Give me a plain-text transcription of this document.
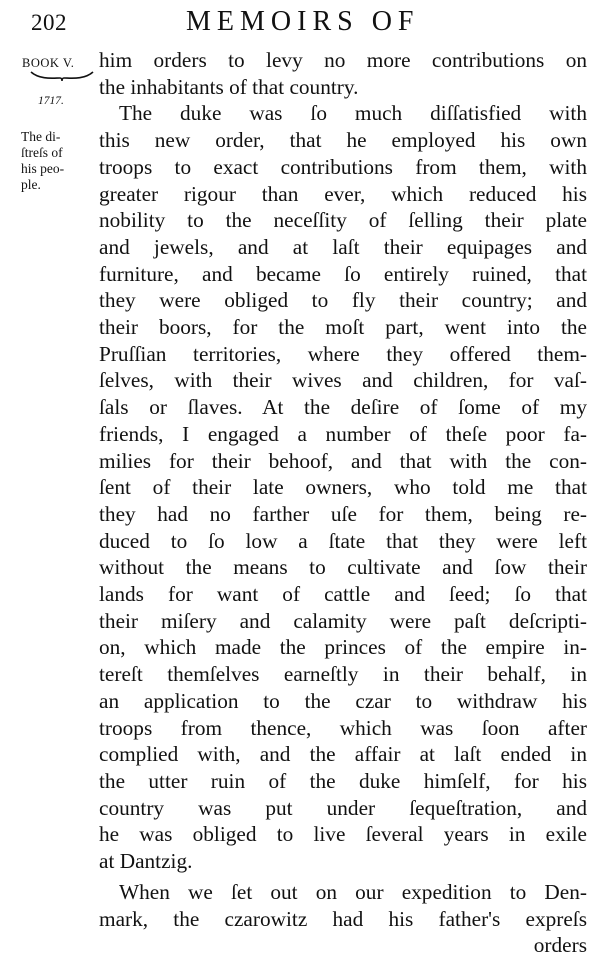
202	MEMOIRS OF
BOOK V.
1717.
The di-
ſtreſs of
his peo-
ple.
him orders to levy no more contributions on
the inhabitants of that country.
The duke was ſo much diſſatisfied with
this new order, that he employed his own
troops to exact contributions from them, with
greater rigour than ever, which reduced his
nobility to the neceſſity of ſelling their plate
and jewels, and at laſt their equipages and
furniture, and became ſo entirely ruined, that
they were obliged to fly their country; and
their boors, for the moſt part, went into the
Pruſſian territories, where they offered them-
ſelves, with their wives and children, for vaſ-
ſals or ſlaves. At the deſire of ſome of my
friends, I engaged a number of theſe poor fa-
milies for their behoof, and that with the con-
ſent of their late owners, who told me that
they had no farther uſe for them, being re-
duced to ſo low a ſtate that they were left
without the means to cultivate and ſow their
lands for want of cattle and ſeed; ſo that
their miſery and calamity were paſt deſcripti-
on, which made the princes of the empire in-
tereſt themſelves earneſtly in their behalf, in
an application to the czar to withdraw his
troops from thence, which was ſoon after
complied with, and the affair at laſt ended in
the utter ruin of the duke himſelf, for his
country was put under ſequeſtration, and
he was obliged to live ſeveral years in exile
at Dantzig.
When we ſet out on our expedition to Den-
mark, the czarowitz had his father's expreſs
orders
